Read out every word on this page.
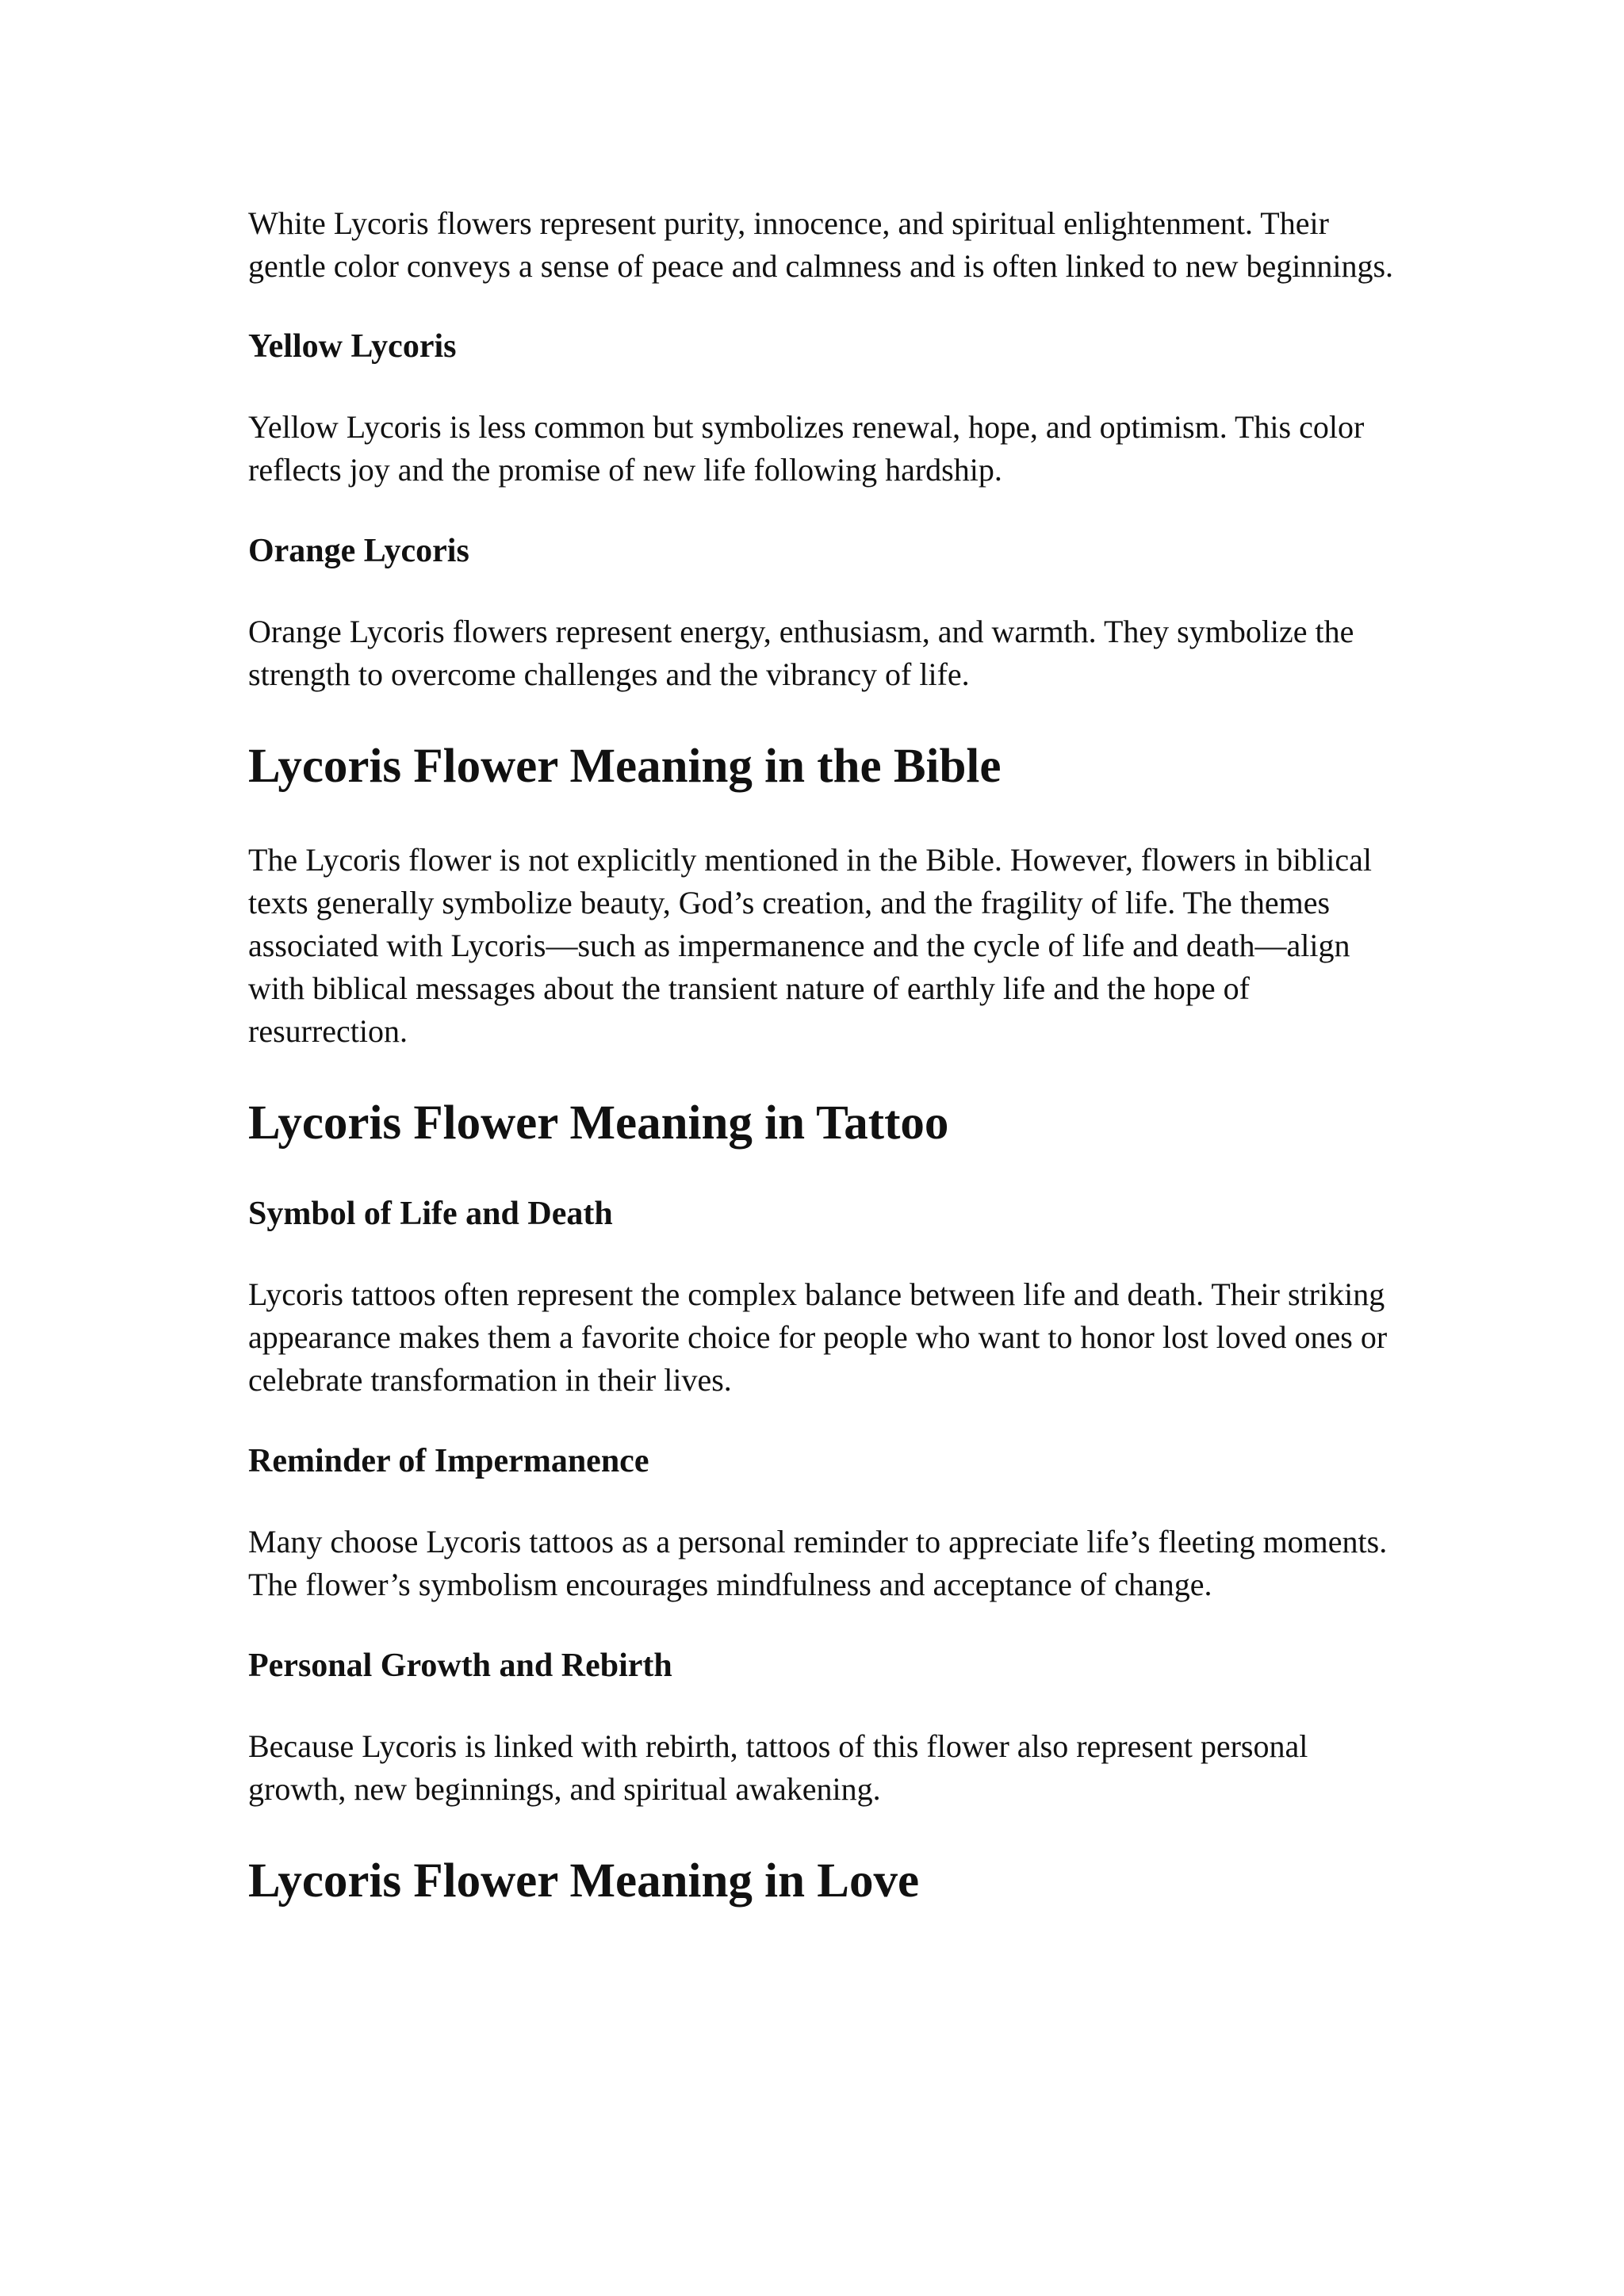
White Lycoris flowers represent purity, innocence, and spiritual enlightenment. Their gentle color conveys a sense of peace and calmness and is often linked to new beginnings.

Yellow Lycoris

Yellow Lycoris is less common but symbolizes renewal, hope, and optimism. This color reflects joy and the promise of new life following hardship.

Orange Lycoris

Orange Lycoris flowers represent energy, enthusiasm, and warmth. They symbolize the strength to overcome challenges and the vibrancy of life.

Lycoris Flower Meaning in the Bible

The Lycoris flower is not explicitly mentioned in the Bible. However, flowers in biblical texts generally symbolize beauty, God’s creation, and the fragility of life. The themes associated with Lycoris—such as impermanence and the cycle of life and death—align with biblical messages about the transient nature of earthly life and the hope of resurrection.

Lycoris Flower Meaning in Tattoo
Symbol of Life and Death

Lycoris tattoos often represent the complex balance between life and death. Their striking appearance makes them a favorite choice for people who want to honor lost loved ones or celebrate transformation in their lives.

Reminder of Impermanence

Many choose Lycoris tattoos as a personal reminder to appreciate life’s fleeting moments. The flower’s symbolism encourages mindfulness and acceptance of change.

Personal Growth and Rebirth

Because Lycoris is linked with rebirth, tattoos of this flower also represent personal growth, new beginnings, and spiritual awakening.

Lycoris Flower Meaning in Love
